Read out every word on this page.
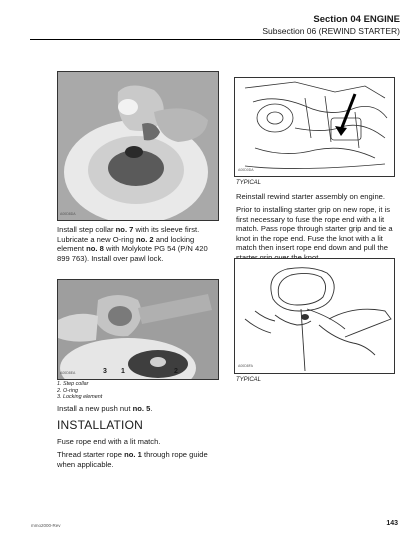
Section 04 ENGINE
Subsection 06 (REWIND STARTER)
A00D8DA

Install step collar no. 7 with its sleeve first. Lubricate a new O-ring no. 2 and locking element no. 8 with Molykote PG 54 (P/N 420 899 763). Install over pawl lock.

3 1	2
A00D8EA
1. Step collar
2. O-ring
3. Locking element

Install a new push nut no. 5.

INSTALLATION

Fuse rope end with a lit match.

Thread starter rope no. 1 through rope guide when applicable.

A00D0DA
TYPICAL

Reinstall rewind starter assembly on engine.

Prior to installing starter grip on new rope, it is first necessary to fuse the rope end with a lit match. Pass rope through starter grip and tie a knot in the rope end. Fuse the knot with a lit match then insert rope end down and pull the

A00D8FA
TYPICAL
mmo2000-Rev	143
